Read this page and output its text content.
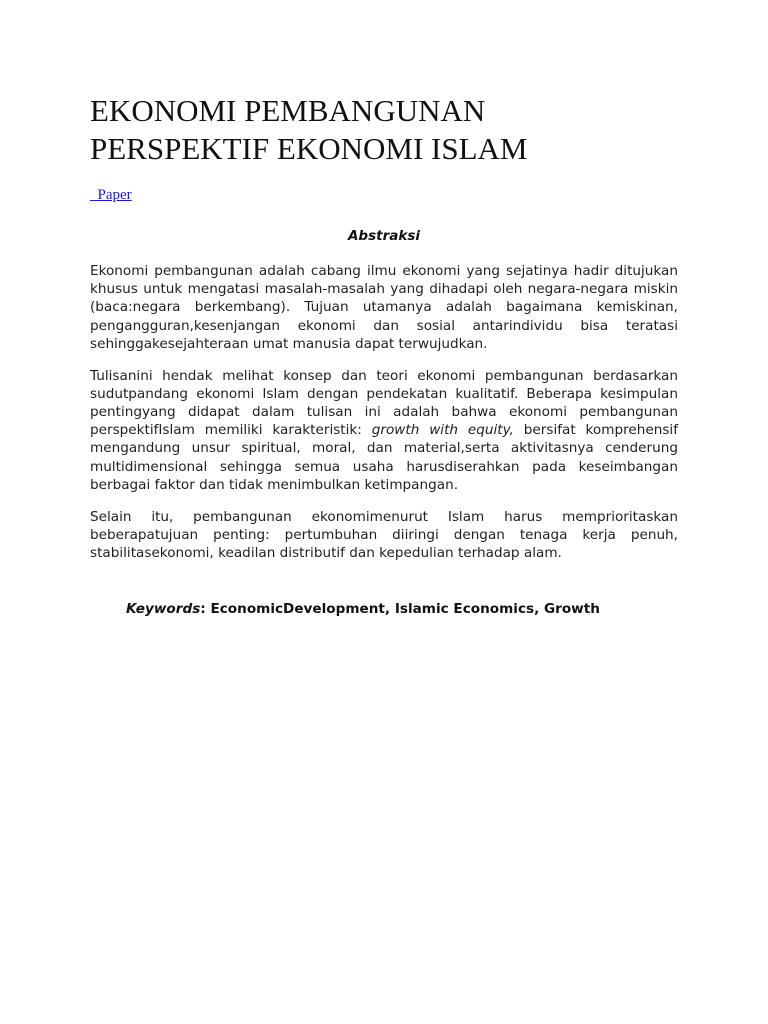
EKONOMI PEMBANGUNAN
PERSPEKTIF EKONOMI ISLAM
Paper
Abstraksi

Ekonomi pembangunan adalah cabang ilmu ekonomi yang sejatinya hadir ditujukan khusus untuk mengatasi masalah-masalah yang dihadapi oleh negara-negara miskin (baca:negara berkembang). Tujuan utamanya adalah bagaimana kemiskinan, pengangguran,kesenjangan ekonomi dan sosial antarindividu bisa teratasi sehinggakesejahteraan umat manusia dapat terwujudkan.

Tulisanini hendak melihat konsep dan teori ekonomi pembangunan berdasarkan sudutpandang ekonomi Islam dengan pendekatan kualitatif. Beberapa kesimpulan pentingyang didapat dalam tulisan ini adalah bahwa ekonomi pembangunan perspektifIslam memiliki karakteristik: growth with equity, bersifat komprehensif mengandung unsur spiritual, moral, dan material,serta aktivitasnya cenderung multidimensional sehingga semua usaha harusdiserahkan pada keseimbangan berbagai faktor dan tidak menimbulkan ketimpangan.

Selain itu, pembangunan ekonomimenurut Islam harus memprioritaskan beberapatujuan penting: pertumbuhan diiringi dengan tenaga kerja penuh, stabilitasekonomi, keadilan distributif dan kepedulian terhadap alam.

Keywords: EconomicDevelopment, Islamic Economics, Growth
